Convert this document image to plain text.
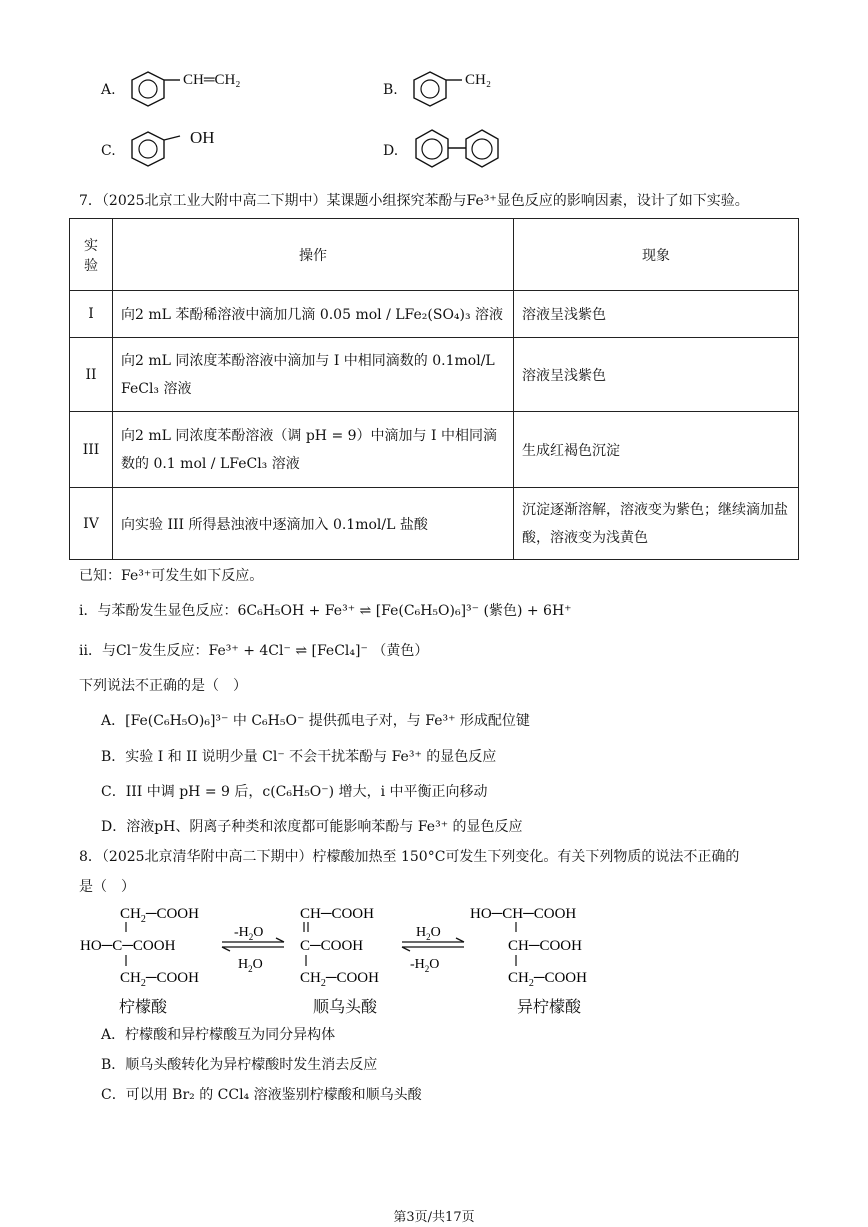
A.
CH═CH₂
B.
CH₂
C.
OH
D.
7．（2025北京工业大附中高二下期中）某课题小组探究苯酚与Fe³⁺显色反应的影响因素，设计了如下实验。
实验	操作	现象
I	向2 mL 苯酚稀溶液中滴加几滴 0.05 mol / LFe₂(SO₄)₃ 溶液	溶液呈浅紫色
II	向2 mL 同浓度苯酚溶液中滴加与 I 中相同滴数的 0.1mol/L FeCl₃ 溶液	溶液呈浅紫色
III	向2 mL 同浓度苯酚溶液（调 pH = 9）中滴加与 I 中相同滴数的 0.1 mol / LFeCl₃ 溶液	生成红褐色沉淀
IV	向实验 III 所得悬浊液中逐滴加入 0.1mol/L 盐酸	沉淀逐渐溶解，溶液变为紫色；继续滴加盐酸，溶液变为浅黄色
已知：Fe³⁺可发生如下反应。
i．与苯酚发生显色反应：6C₆H₅OH + Fe³⁺ ⇌ [Fe(C₆H₅O)₆]³⁻ (紫色) + 6H⁺
ii．与Cl⁻发生反应：Fe³⁺ + 4Cl⁻ ⇌ [FeCl₄]⁻ （黄色）
下列说法不正确的是（　）
A．[Fe(C₆H₅O)₆]³⁻ 中 C₆H₅O⁻ 提供孤电子对，与 Fe³⁺ 形成配位键
B．实验 I 和 II 说明少量 Cl⁻ 不会干扰苯酚与 Fe³⁺ 的显色反应
C．III 中调 pH = 9 后，c(C₆H₅O⁻) 增大，i 中平衡正向移动
D．溶液pH、阴离子种类和浓度都可能影响苯酚与 Fe³⁺ 的显色反应
8．（2025北京清华附中高二下期中）柠檬酸加热至 150°C可发生下列变化。有关下列物质的说法不正确的
是（　）
$CH_2─COOH$
HO─C─COOH
$CH_2─COOH$
$-H_2O$
$H_2O$
CH─COOH
C─COOH
$CH_2─COOH$
$H_2O$
$-H_2O$
HO─CH─COOH
CH─COOH
$CH_2─COOH$
柠檬酸	顺乌头酸	异柠檬酸
A．柠檬酸和异柠檬酸互为同分异构体
B．顺乌头酸转化为异柠檬酸时发生消去反应
C．可以用 Br₂ 的 CCl₄ 溶液鉴别柠檬酸和顺乌头酸
第3页/共17页
